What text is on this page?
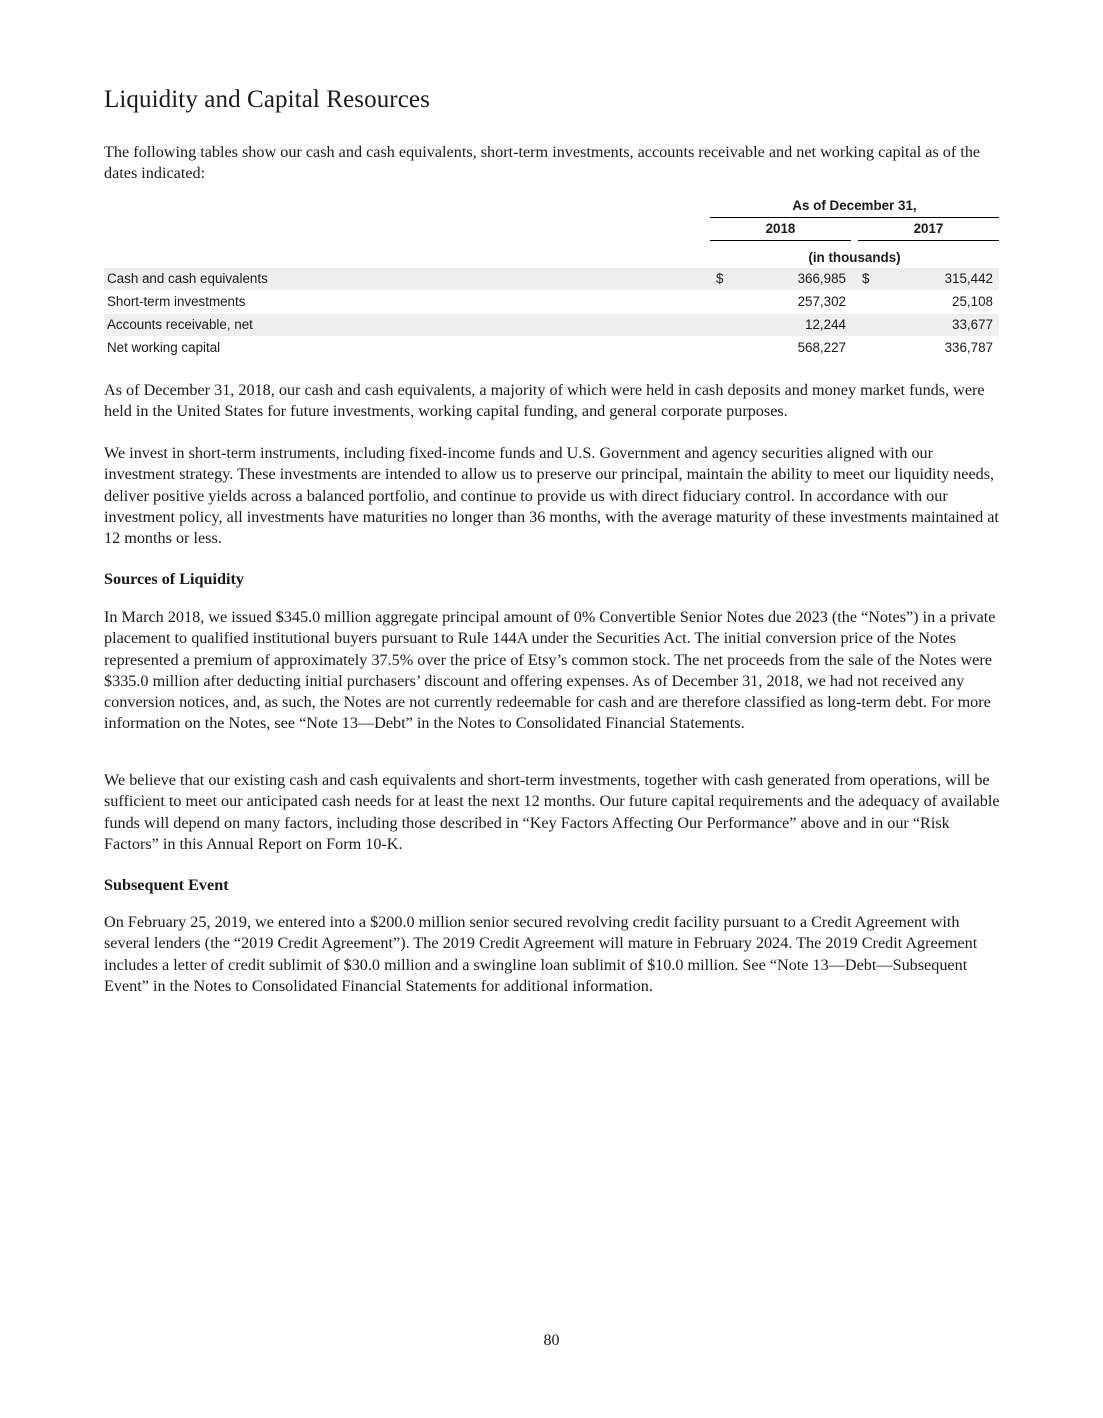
Liquidity and Capital Resources

The following tables show our cash and cash equivalents, short-term investments, accounts receivable and net working capital as of the dates indicated:

As of December 31,
2018	2017
(in thousands)
Cash and cash equivalents	$	366,985 $	315,442
Short-term investments	257,302	25,108
Accounts receivable, net	12,244	33,677
Net working capital	568,227	336,787

As of December 31, 2018, our cash and cash equivalents, a majority of which were held in cash deposits and money market funds, were held in the United States for future investments, working capital funding, and general corporate purposes.

We invest in short-term instruments, including fixed-income funds and U.S. Government and agency securities aligned with our investment strategy. These investments are intended to allow us to preserve our principal, maintain the ability to meet our liquidity needs, deliver positive yields across a balanced portfolio, and continue to provide us with direct fiduciary control. In accordance with our investment policy, all investments have maturities no longer than 36 months, with the average maturity of these investments maintained at 12 months or less.

Sources of Liquidity

In March 2018, we issued $345.0 million aggregate principal amount of 0% Convertible Senior Notes due 2023 (the “Notes”) in a private placement to qualified institutional buyers pursuant to Rule 144A under the Securities Act. The initial conversion price of the Notes represented a premium of approximately 37.5% over the price of Etsy’s common stock. The net proceeds from the sale of the Notes were $335.0 million after deducting initial purchasers’ discount and offering expenses. As of December 31, 2018, we had not received any conversion notices, and, as such, the Notes are not currently redeemable for cash and are therefore classified as long-term debt. For more information on the Notes, see “Note 13—Debt” in the Notes to Consolidated Financial Statements.

We believe that our existing cash and cash equivalents and short-term investments, together with cash generated from operations, will be sufficient to meet our anticipated cash needs for at least the next 12 months. Our future capital requirements and the adequacy of available funds will depend on many factors, including those described in “Key Factors Affecting Our Performance” above and in our “Risk Factors” in this Annual Report on Form 10-K.

Subsequent Event

On February 25, 2019, we entered into a $200.0 million senior secured revolving credit facility pursuant to a Credit Agreement with several lenders (the “2019 Credit Agreement”). The 2019 Credit Agreement will mature in February 2024. The 2019 Credit Agreement includes a letter of credit sublimit of $30.0 million and a swingline loan sublimit of $10.0 million. See “Note 13—Debt—Subsequent Event” in the Notes to Consolidated Financial Statements for additional information.

80
